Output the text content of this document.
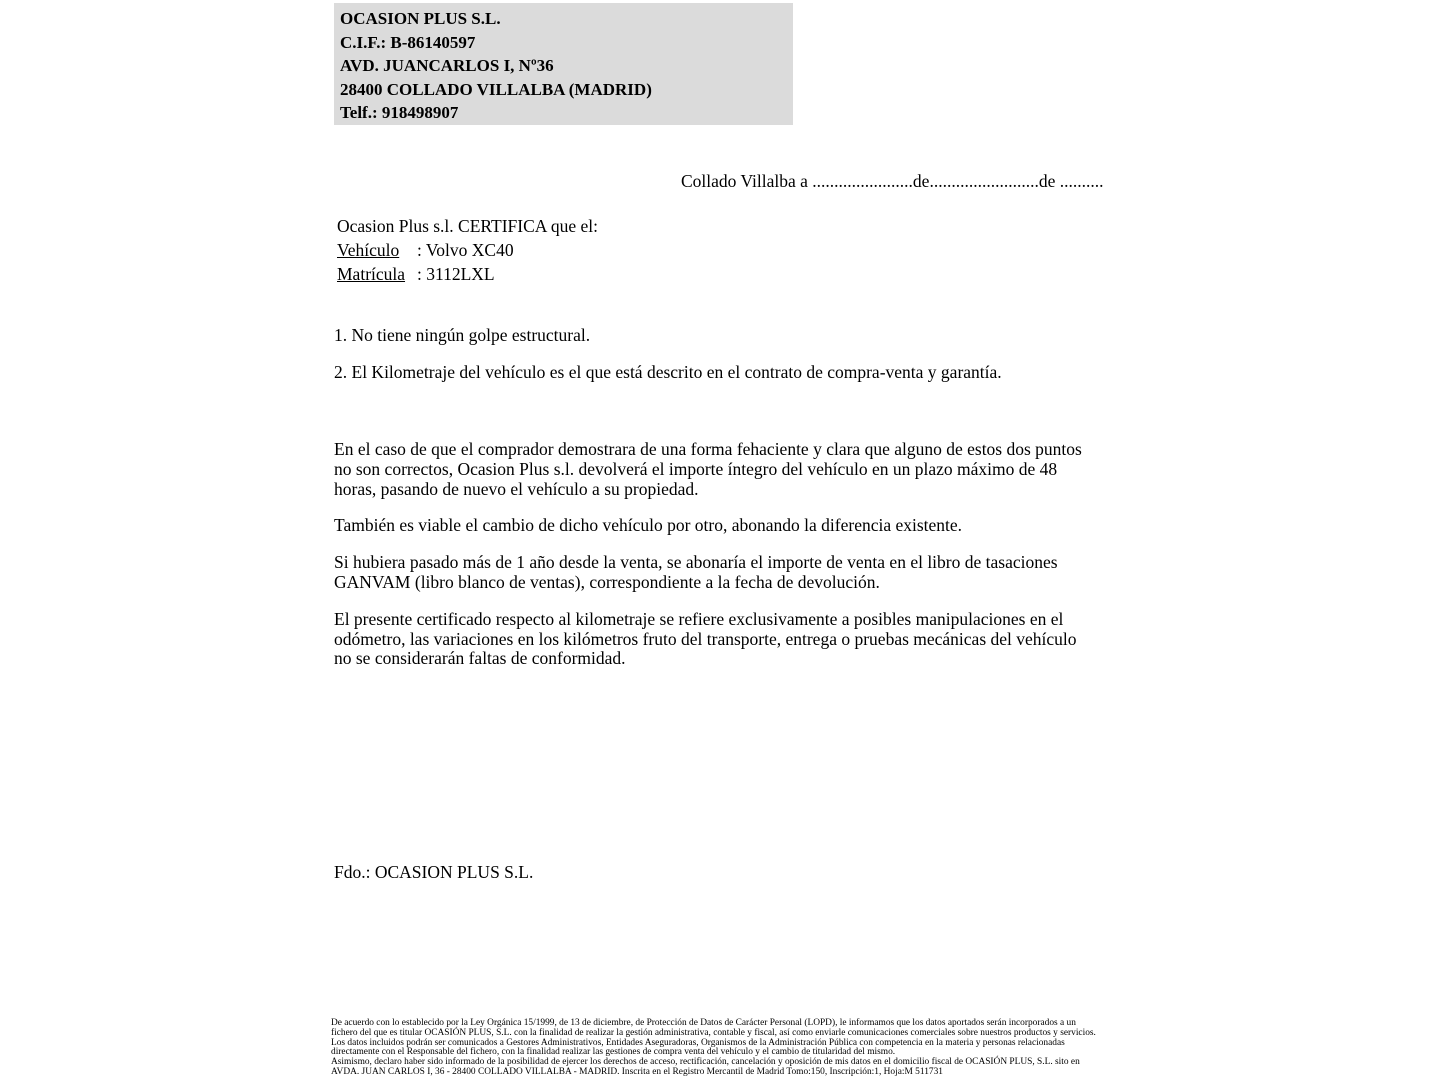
OCASION PLUS S.L.
C.I.F.: B-86140597
AVD. JUANCARLOS I, Nº36
28400 COLLADO VILLALBA (MADRID)
Telf.: 918498907
Collado Villalba a .......................de.........................de ..........
Ocasion Plus s.l. CERTIFICA que el:
Vehículo : Volvo XC40
Matrícula : 3112LXL
1. No tiene ningún golpe estructural.
2. El Kilometraje del vehículo es el que está descrito en el contrato de compra-venta y garantía.

En el caso de que el comprador demostrara de una forma fehaciente y clara que alguno de estos dos puntos no son correctos, Ocasion Plus s.l. devolverá el importe íntegro del vehículo en un plazo máximo de 48 horas, pasando de nuevo el vehículo a su propiedad.

También es viable el cambio de dicho vehículo por otro, abonando la diferencia existente.

Si hubiera pasado más de 1 año desde la venta, se abonaría el importe de venta en el libro de tasaciones GANVAM (libro blanco de ventas), correspondiente a la fecha de devolución.

El presente certificado respecto al kilometraje se refiere exclusivamente a posibles manipulaciones en el odómetro, las variaciones en los kilómetros fruto del transporte, entrega o pruebas mecánicas del vehículo no se considerarán faltas de conformidad.

Fdo.: OCASION PLUS S.L.

De acuerdo con lo establecido por la Ley Orgánica 15/1999, de 13 de diciembre, de Protección de Datos de Carácter Personal (LOPD), le informamos que los datos aportados serán incorporados a un fichero del que es titular OCASIÓN PLUS, S.L. con la finalidad de realizar la gestión administrativa, contable y fiscal, así como enviarle comunicaciones comerciales sobre nuestros productos y servicios.

Los datos incluidos podrán ser comunicados a Gestores Administrativos, Entidades Aseguradoras, Organismos de la Administración Pública con competencia en la materia y personas relacionadas directamente con el Responsable del fichero, con la finalidad realizar las gestiones de compra venta del vehículo y el cambio de titularidad del mismo.

Asimismo, declaro haber sido informado de la posibilidad de ejercer los derechos de acceso, rectificación, cancelación y oposición de mis datos en el domicilio fiscal de OCASIÓN PLUS, S.L. sito en AVDA. JUAN CARLOS I, 36 - 28400 COLLADO VILLALBA - MADRID. Inscrita en el Registro Mercantil de Madrid Tomo:150, Inscripción:1, Hoja:M 511731
